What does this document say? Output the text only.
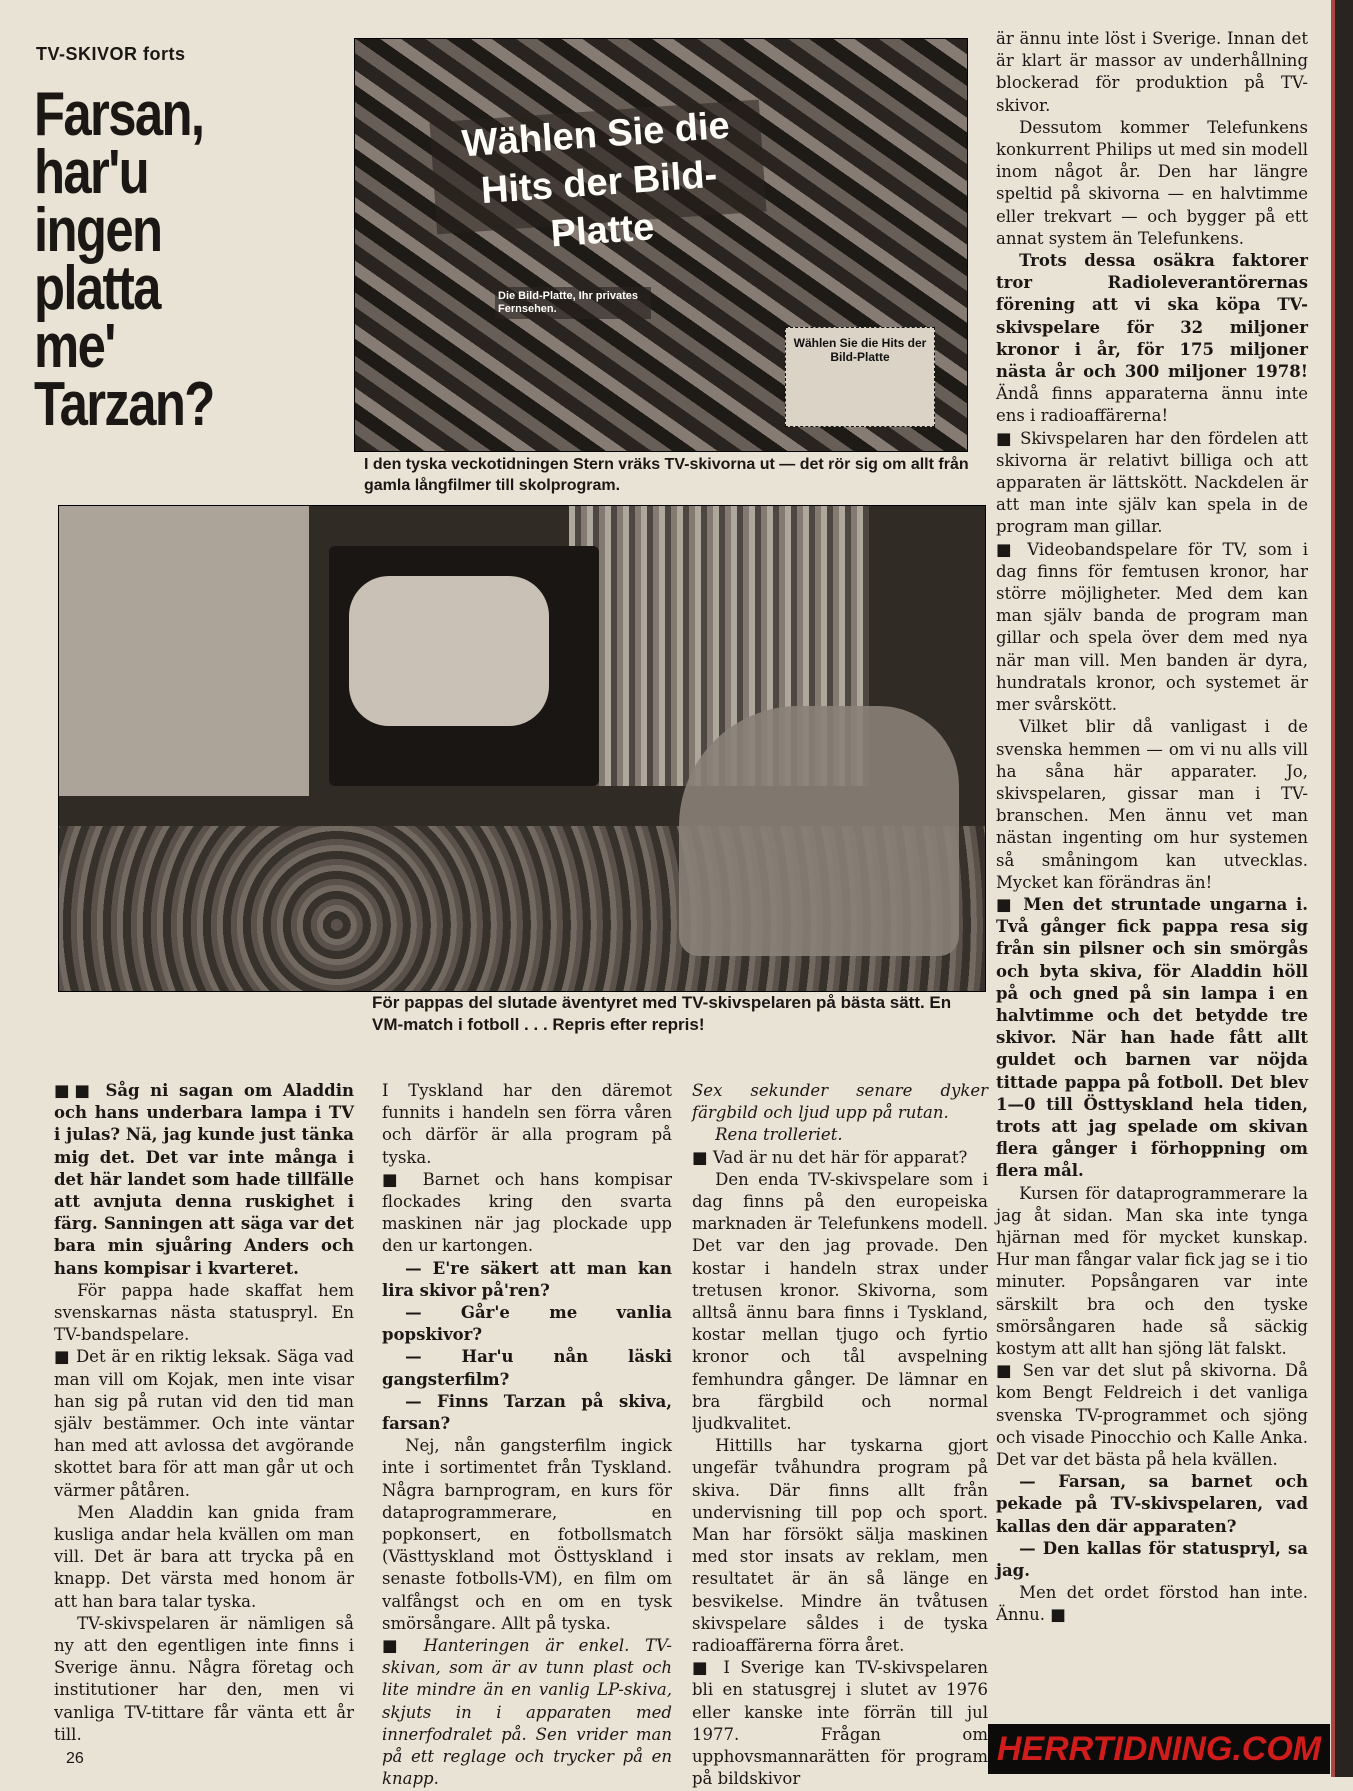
TV-SKIVOR forts
Farsan,
har'u
ingen
platta
me'
Tarzan?
Wählen Sie die Hits der Bild-Platte
Die Bild-Platte, Ihr privates Fernsehen.
Wählen Sie die Hits der Bild-Platte
I den tyska veckotidningen Stern vräks TV-skivorna ut — det rör sig om allt från gamla långfilmer till skolprogram.
För pappas del slutade äventyret med TV-skivspelaren på bästa sätt. En VM-match i fotboll . . . Repris efter repris!

■■ Såg ni sagan om Aladdin och hans underbara lampa i TV i julas? Nä, jag kunde just tänka mig det. Det var inte många i det här landet som hade tillfälle att avnjuta denna ruskighet i färg. Sanningen att säga var det bara min sjuåring Anders och hans kompisar i kvarteret.

För pappa hade skaffat hem svenskarnas nästa statuspryl. En TV-bandspelare.

■ Det är en riktig leksak. Säga vad man vill om Kojak, men inte visar han sig på rutan vid den tid man själv bestämmer. Och inte väntar han med att avlossa det avgörande skottet bara för att man går ut och värmer påtåren.

Men Aladdin kan gnida fram kusliga andar hela kvällen om man vill. Det är bara att trycka på en knapp. Det värsta med honom är att han bara talar tyska.

TV-skivspelaren är nämligen så ny att den egentligen inte finns i Sverige ännu. Några företag och institutioner har den, men vi vanliga TV-tittare får vänta ett år till.

I Tyskland har den däremot funnits i handeln sen förra våren och därför är alla program på tyska.

■ Barnet och hans kompisar flockades kring den svarta maskinen när jag plockade upp den ur kartongen.

— E're säkert att man kan lira skivor på'ren?

— Går'e me vanlia popskivor?

— Har'u nån läski gangsterfilm?

— Finns Tarzan på skiva, farsan?

Nej, nån gangsterfilm ingick inte i sortimentet från Tyskland. Några barnprogram, en kurs för dataprogrammerare, en popkonsert, en fotbollsmatch (Västtyskland mot Östtyskland i senaste fotbolls-VM), en film om valfångst och en om en tysk smörsångare. Allt på tyska.

■ Hanteringen är enkel. TV-skivan, som är av tunn plast och lite mindre än en vanlig LP-skiva, skjuts in i apparaten med innerfodralet på. Sen vrider man på ett reglage och trycker på en knapp.

Sex sekunder senare dyker färgbild och ljud upp på rutan.

Rena trolleriet.

■ Vad är nu det här för apparat?

Den enda TV-skivspelare som i dag finns på den europeiska marknaden är Telefunkens modell. Det var den jag provade. Den kostar i handeln strax under tretusen kronor. Skivorna, som alltså ännu bara finns i Tyskland, kostar mellan tjugo och fyrtio kronor och tål avspelning femhundra gånger. De lämnar en bra färgbild och normal ljudkvalitet.

Hittills har tyskarna gjort ungefär tvåhundra program på skiva. Där finns allt från undervisning till pop och sport. Man har försökt sälja maskinen med stor insats av reklam, men resultatet är än så länge en besvikelse. Mindre än tvåtusen skivspelare såldes i de tyska radioaffärerna förra året.

■ I Sverige kan TV-skivspelaren bli en statusgrej i slutet av 1976 eller kanske inte förrän till jul 1977. Frågan om upphovsmannarätten för program på bildskivor

är ännu inte löst i Sverige. Innan det är klart är massor av underhållning blockerad för produktion på TV-skivor.

Dessutom kommer Telefunkens konkurrent Philips ut med sin modell inom något år. Den har längre speltid på skivorna — en halvtimme eller trekvart — och bygger på ett annat system än Telefunkens.

Trots dessa osäkra faktorer tror Radioleverantörernas förening att vi ska köpa TV-skivspelare för 32 miljoner kronor i år, för 175 miljoner nästa år och 300 miljoner 1978! Ändå finns apparaterna ännu inte ens i radioaffärerna!

■ Skivspelaren har den fördelen att skivorna är relativt billiga och att apparaten är lättskött. Nackdelen är att man inte själv kan spela in de program man gillar.

■ Videobandspelare för TV, som i dag finns för femtusen kronor, har större möjligheter. Med dem kan man själv banda de program man gillar och spela över dem med nya när man vill. Men banden är dyra, hundratals kronor, och systemet är mer svårskött.

Vilket blir då vanligast i de svenska hemmen — om vi nu alls vill ha såna här apparater. Jo, skivspelaren, gissar man i TV-branschen. Men ännu vet man nästan ingenting om hur systemen så småningom kan utvecklas. Mycket kan förändras än!

■ Men det struntade ungarna i. Två gånger fick pappa resa sig från sin pilsner och sin smörgås och byta skiva, för Aladdin höll på och gned på sin lampa i en halvtimme och det betydde tre skivor. När han hade fått allt guldet och barnen var nöjda tittade pappa på fotboll. Det blev 1—0 till Östtyskland hela tiden, trots att jag spelade om skivan flera gånger i förhoppning om flera mål.

Kursen för dataprogrammerare la jag åt sidan. Man ska inte tynga hjärnan med för mycket kunskap. Hur man fångar valar fick jag se i tio minuter. Popsångaren var inte särskilt bra och den tyske smörsångaren hade så säckig kostym att allt han sjöng lät falskt.

■ Sen var det slut på skivorna. Då kom Bengt Feldreich i det vanliga svenska TV-programmet och sjöng och visade Pinocchio och Kalle Anka. Det var det bästa på hela kvällen.

— Farsan, sa barnet och pekade på TV-skivspelaren, vad kallas den där apparaten?

— Den kallas för statuspryl, sa jag.

Men det ordet förstod han inte. Ännu. ■

26	HERRTIDNING.COM
